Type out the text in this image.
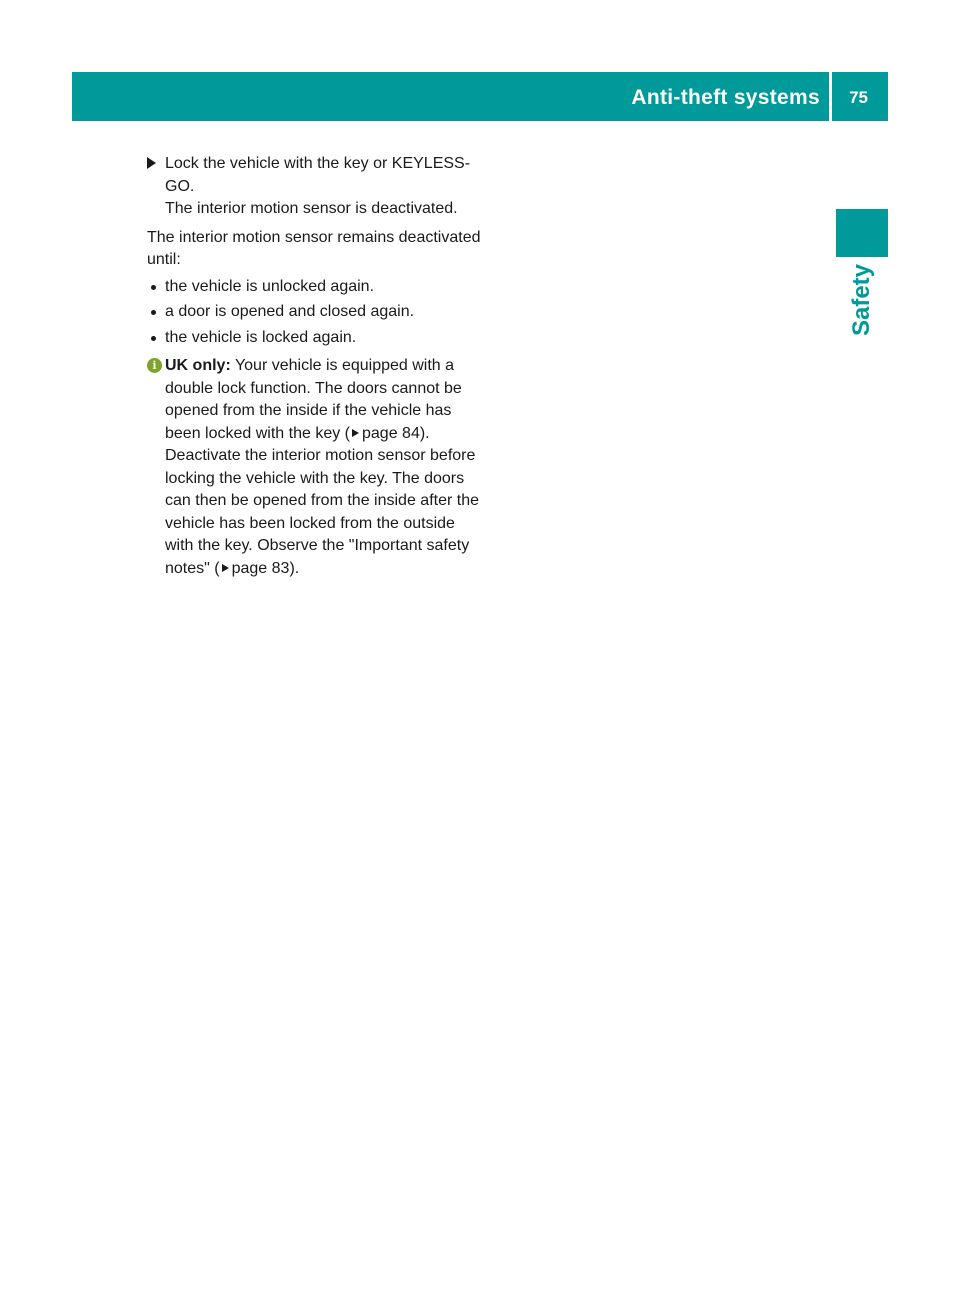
Anti-theft systems 75
Safety
Lock the vehicle with the key or KEYLESS-GO.
The interior motion sensor is deactivated.
The interior motion sensor remains deactivated until:
the vehicle is unlocked again.
a door is opened and closed again.
the vehicle is locked again.
i UK only: Your vehicle is equipped with a double lock function. The doors cannot be opened from the inside if the vehicle has been locked with the key ( page 84). Deactivate the interior motion sensor before locking the vehicle with the key. The doors can then be opened from the inside after the vehicle has been locked from the outside with the key. Observe the "Important safety notes" ( page 83).
